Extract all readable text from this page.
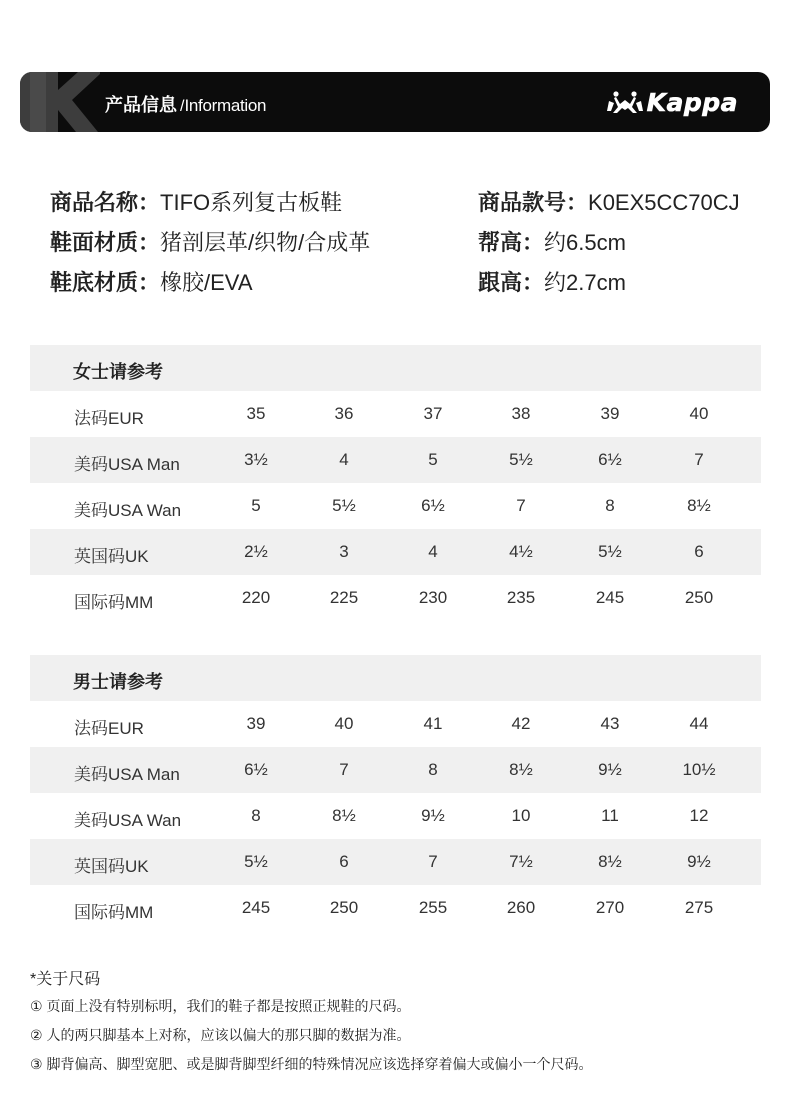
产品信息 /Information	Kappa
商品名称：TIFO系列复古板鞋
鞋面材质：猪剖层革/织物/合成革
鞋底材质：橡胶/EVA
商品款号：K0EX5CC70CJ
帮高：约6.5cm
跟高：约2.7cm
女士请参考
法码EUR	35	36	37	38	39	40
美码USA Man	3½	4	5	5½	6½	7
美码USA Wan	5	5½	6½	7	8	8½
英国码UK	2½	3	4	4½	5½	6
国际码MM	220	225	230	235	245	250
男士请参考
法码EUR	39	40	41	42	43	44
美码USA Man	6½	7	8	8½	9½	10½
美码USA Wan	8	8½	9½	10	11	12
英国码UK	5½	6	7	7½	8½	9½
国际码MM	245	250	255	260	270	275
*关于尺码
① 页面上没有特别标明，我们的鞋子都是按照正规鞋的尺码。
② 人的两只脚基本上对称，应该以偏大的那只脚的数据为准。
③ 脚背偏高、脚型宽肥、或是脚背脚型纤细的特殊情况应该选择穿着偏大或偏小一个尺码。
